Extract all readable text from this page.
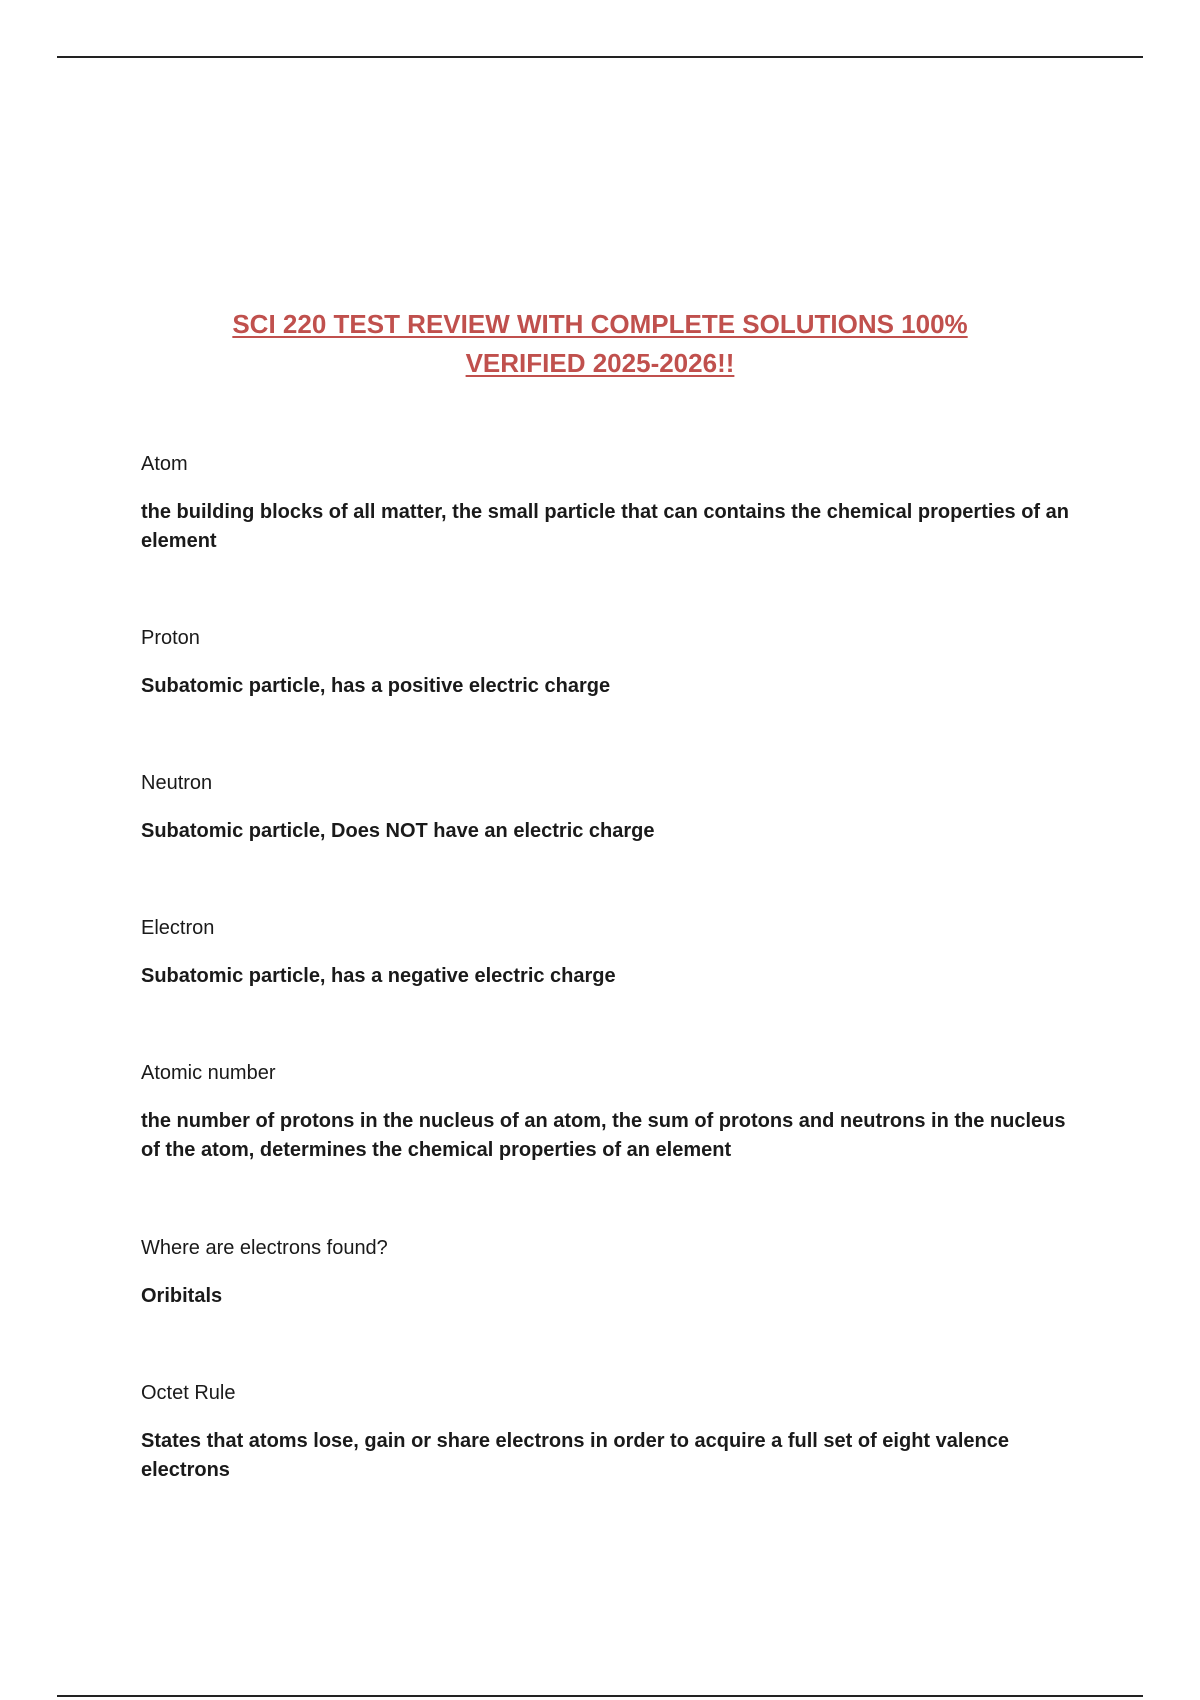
SCI 220 TEST REVIEW WITH COMPLETE SOLUTIONS 100%
VERIFIED 2025-2026!!

Atom

the building blocks of all matter, the small particle that can contains the chemical properties of an element

Proton

Subatomic particle, has a positive electric charge

Neutron

Subatomic particle, Does NOT have an electric charge

Electron

Subatomic particle, has a negative electric charge

Atomic number

the number of protons in the nucleus of an atom, the sum of protons and neutrons in the nucleus of the atom, determines the chemical properties of an element

Where are electrons found?

Oribitals

Octet Rule

States that atoms lose, gain or share electrons in order to acquire a full set of eight valence electrons
